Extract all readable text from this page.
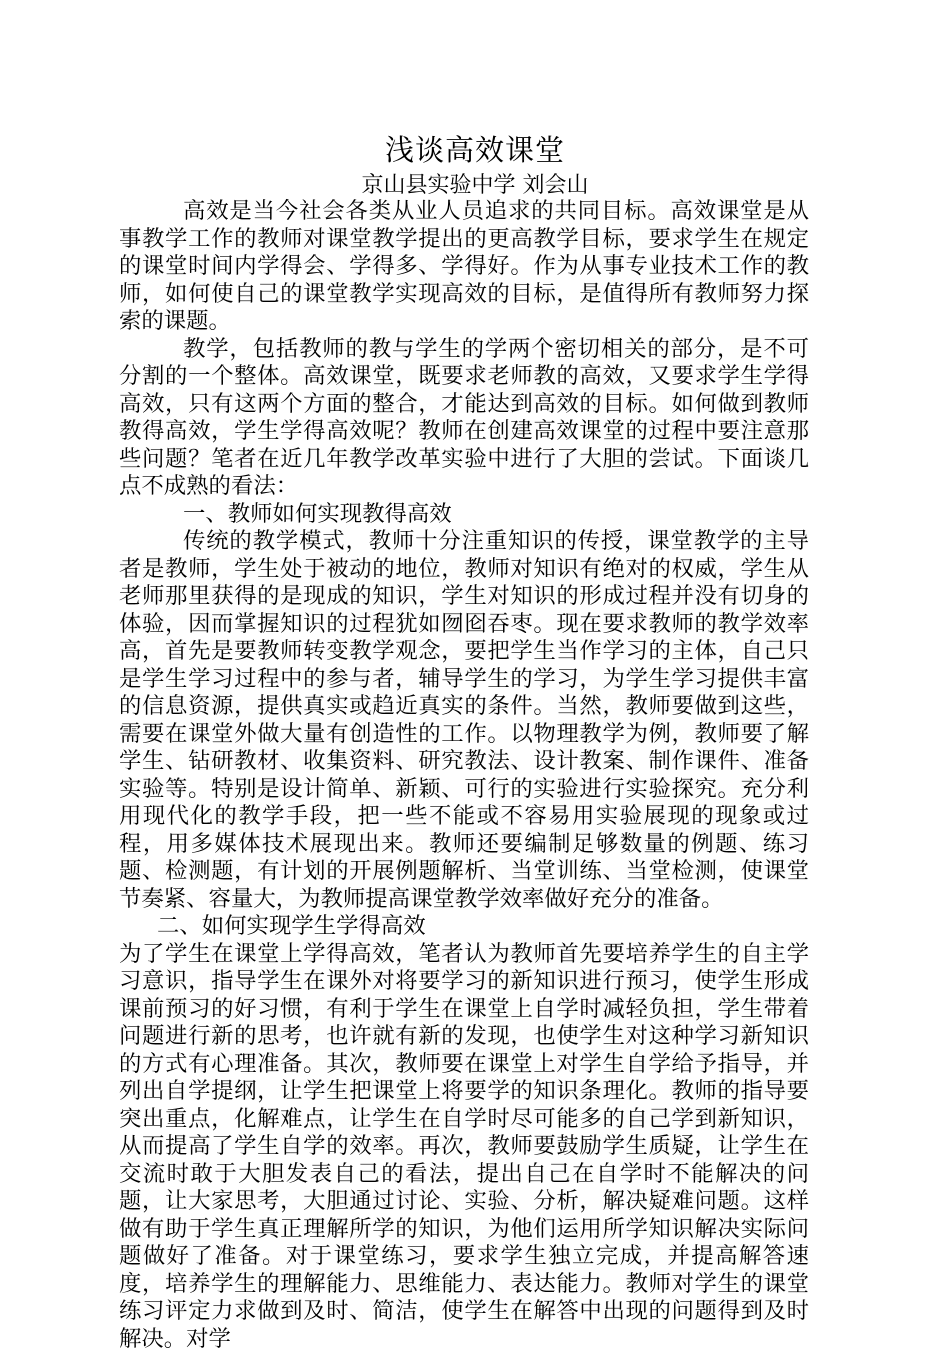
浅谈高效课堂
京山县实验中学 刘会山

高效是当今社会各类从业人员追求的共同目标。高效课堂是从事教学工作的教师对课堂教学提出的更高教学目标，要求学生在规定的课堂时间内学得会、学得多、学得好。作为从事专业技术工作的教师，如何使自己的课堂教学实现高效的目标，是值得所有教师努力探索的课题。

教学，包括教师的教与学生的学两个密切相关的部分，是不可分割的一个整体。高效课堂，既要求老师教的高效，又要求学生学得高效，只有这两个方面的整合，才能达到高效的目标。如何做到教师教得高效，学生学得高效呢？教师在创建高效课堂的过程中要注意那些问题？笔者在近几年教学改革实验中进行了大胆的尝试。下面谈几点不成熟的看法：

一、教师如何实现教得高效

传统的教学模式，教师十分注重知识的传授，课堂教学的主导者是教师，学生处于被动的地位，教师对知识有绝对的权威，学生从老师那里获得的是现成的知识，学生对知识的形成过程并没有切身的体验，因而掌握知识的过程犹如囫囵吞枣。现在要求教师的教学效率高，首先是要教师转变教学观念，要把学生当作学习的主体，自己只是学生学习过程中的参与者，辅导学生的学习，为学生学习提供丰富的信息资源，提供真实或趋近真实的条件。当然，教师要做到这些，需要在课堂外做大量有创造性的工作。以物理教学为例，教师要了解学生、钻研教材、收集资料、研究教法、设计教案、制作课件、准备实验等。特别是设计简单、新颖、可行的实验进行实验探究。充分利用现代化的教学手段，把一些不能或不容易用实验展现的现象或过程，用多媒体技术展现出来。教师还要编制足够数量的例题、练习题、检测题，有计划的开展例题解析、当堂训练、当堂检测，使课堂节奏紧、容量大，为教师提高课堂教学效率做好充分的准备。

二、如何实现学生学得高效

为了学生在课堂上学得高效，笔者认为教师首先要培养学生的自主学习意识，指导学生在课外对将要学习的新知识进行预习，使学生形成课前预习的好习惯，有利于学生在课堂上自学时减轻负担，学生带着问题进行新的思考，也许就有新的发现，也使学生对这种学习新知识的方式有心理准备。其次，教师要在课堂上对学生自学给予指导，并列出自学提纲，让学生把课堂上将要学的知识条理化。教师的指导要突出重点，化解难点，让学生在自学时尽可能多的自己学到新知识，从而提高了学生自学的效率。再次，教师要鼓励学生质疑，让学生在交流时敢于大胆发表自己的看法，提出自己在自学时不能解决的问题，让大家思考，大胆通过讨论、实验、分析，解决疑难问题。这样做有助于学生真正理解所学的知识，为他们运用所学知识解决实际问题做好了准备。对于课堂练习，要求学生独立完成，并提高解答速度，培养学生的理解能力、思维能力、表达能力。教师对学生的课堂练习评定力求做到及时、简洁，使学生在解答中出现的问题得到及时解决。对学
